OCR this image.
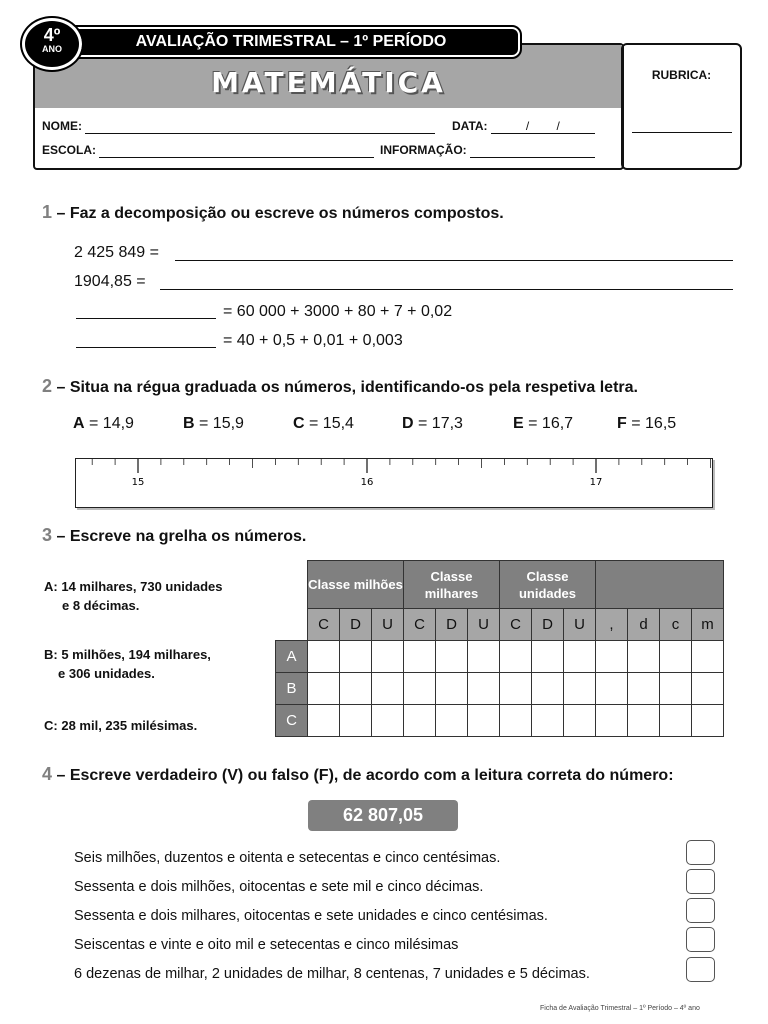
MATEMÁTICA
AVALIAÇÃO TRIMESTRAL – 1º PERÍODO
4º
ANO
NOME:	DATA:	/ /
ESCOLA:	INFORMAÇÃO:
RUBRICA:
1 – Faz a decomposição ou escreve os números compostos.
2 425 849 =
1904,85 =
= 60 000 + 3000 + 80 + 7 + 0,02
= 40 + 0,5 + 0,01 + 0,003
2 – Situa na régua graduada os números, identificando-os pela respetiva letra.
A = 14,9	B = 15,9	C = 15,4	D = 17,3	E = 16,7	F = 16,5
15	16	17
3 – Escreve na grelha os números.
A: 14 milhares, 730 unidades
e 8 décimas.
B: 5 milhões, 194 milhares,
e 306 unidades.
C: 28 mil, 235 milésimas.
	Classe milhões			Classe milhares			Classe unidades						
	C	D	U	C	D	U	C	D	U	,	d	c	m
A													
B													
C													
4 – Escreve verdadeiro (V) ou falso (F), de acordo com a leitura correta do número:
62 807,05
Seis milhões, duzentos e oitenta e setecentas e cinco centésimas.
Sessenta e dois milhões, oitocentas e sete mil e cinco décimas.
Sessenta e dois milhares, oitocentas e sete unidades e cinco centésimas.
Seiscentas e vinte e oito mil e setecentas e cinco milésimas
6 dezenas de milhar, 2 unidades de milhar, 8 centenas, 7 unidades e 5 décimas.
Ficha de Avaliação Trimestral – 1º Período – 4º ano
